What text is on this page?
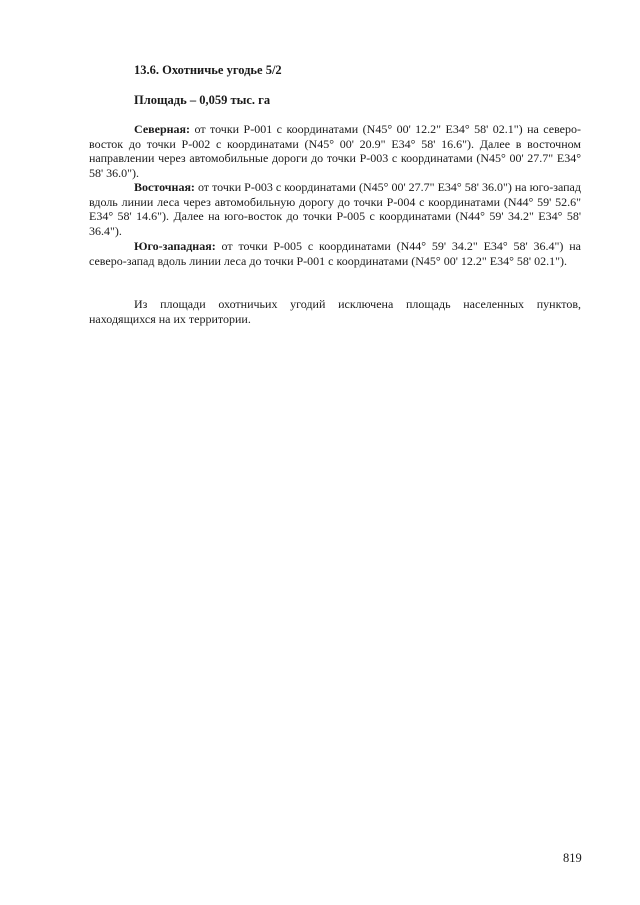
13.6. Охотничье угодье 5/2
Площадь – 0,059 тыс. га

Северная: от точки Р-001 с координатами (N45° 00' 12.2" E34° 58' 02.1") на северо-восток до точки Р-002 с координатами (N45° 00' 20.9" E34° 58' 16.6"). Далее в восточном направлении через автомобильные дороги до точки Р-003 с координатами (N45° 00' 27.7" E34° 58' 36.0").

Восточная: от точки Р-003 с координатами (N45° 00' 27.7" E34° 58' 36.0") на юго-запад вдоль линии леса через автомобильную дорогу до точки Р-004 с координатами (N44° 59' 52.6" E34° 58' 14.6"). Далее на юго-восток до точки Р-005 с координатами (N44° 59' 34.2" E34° 58' 36.4").

Юго-западная: от точки Р-005 с координатами (N44° 59' 34.2" E34° 58' 36.4") на северо-запад вдоль линии леса до точки Р-001 с координатами (N45° 00' 12.2" E34° 58' 02.1").

Из площади охотничьих угодий исключена площадь населенных пунктов, находящихся на их территории.

819
